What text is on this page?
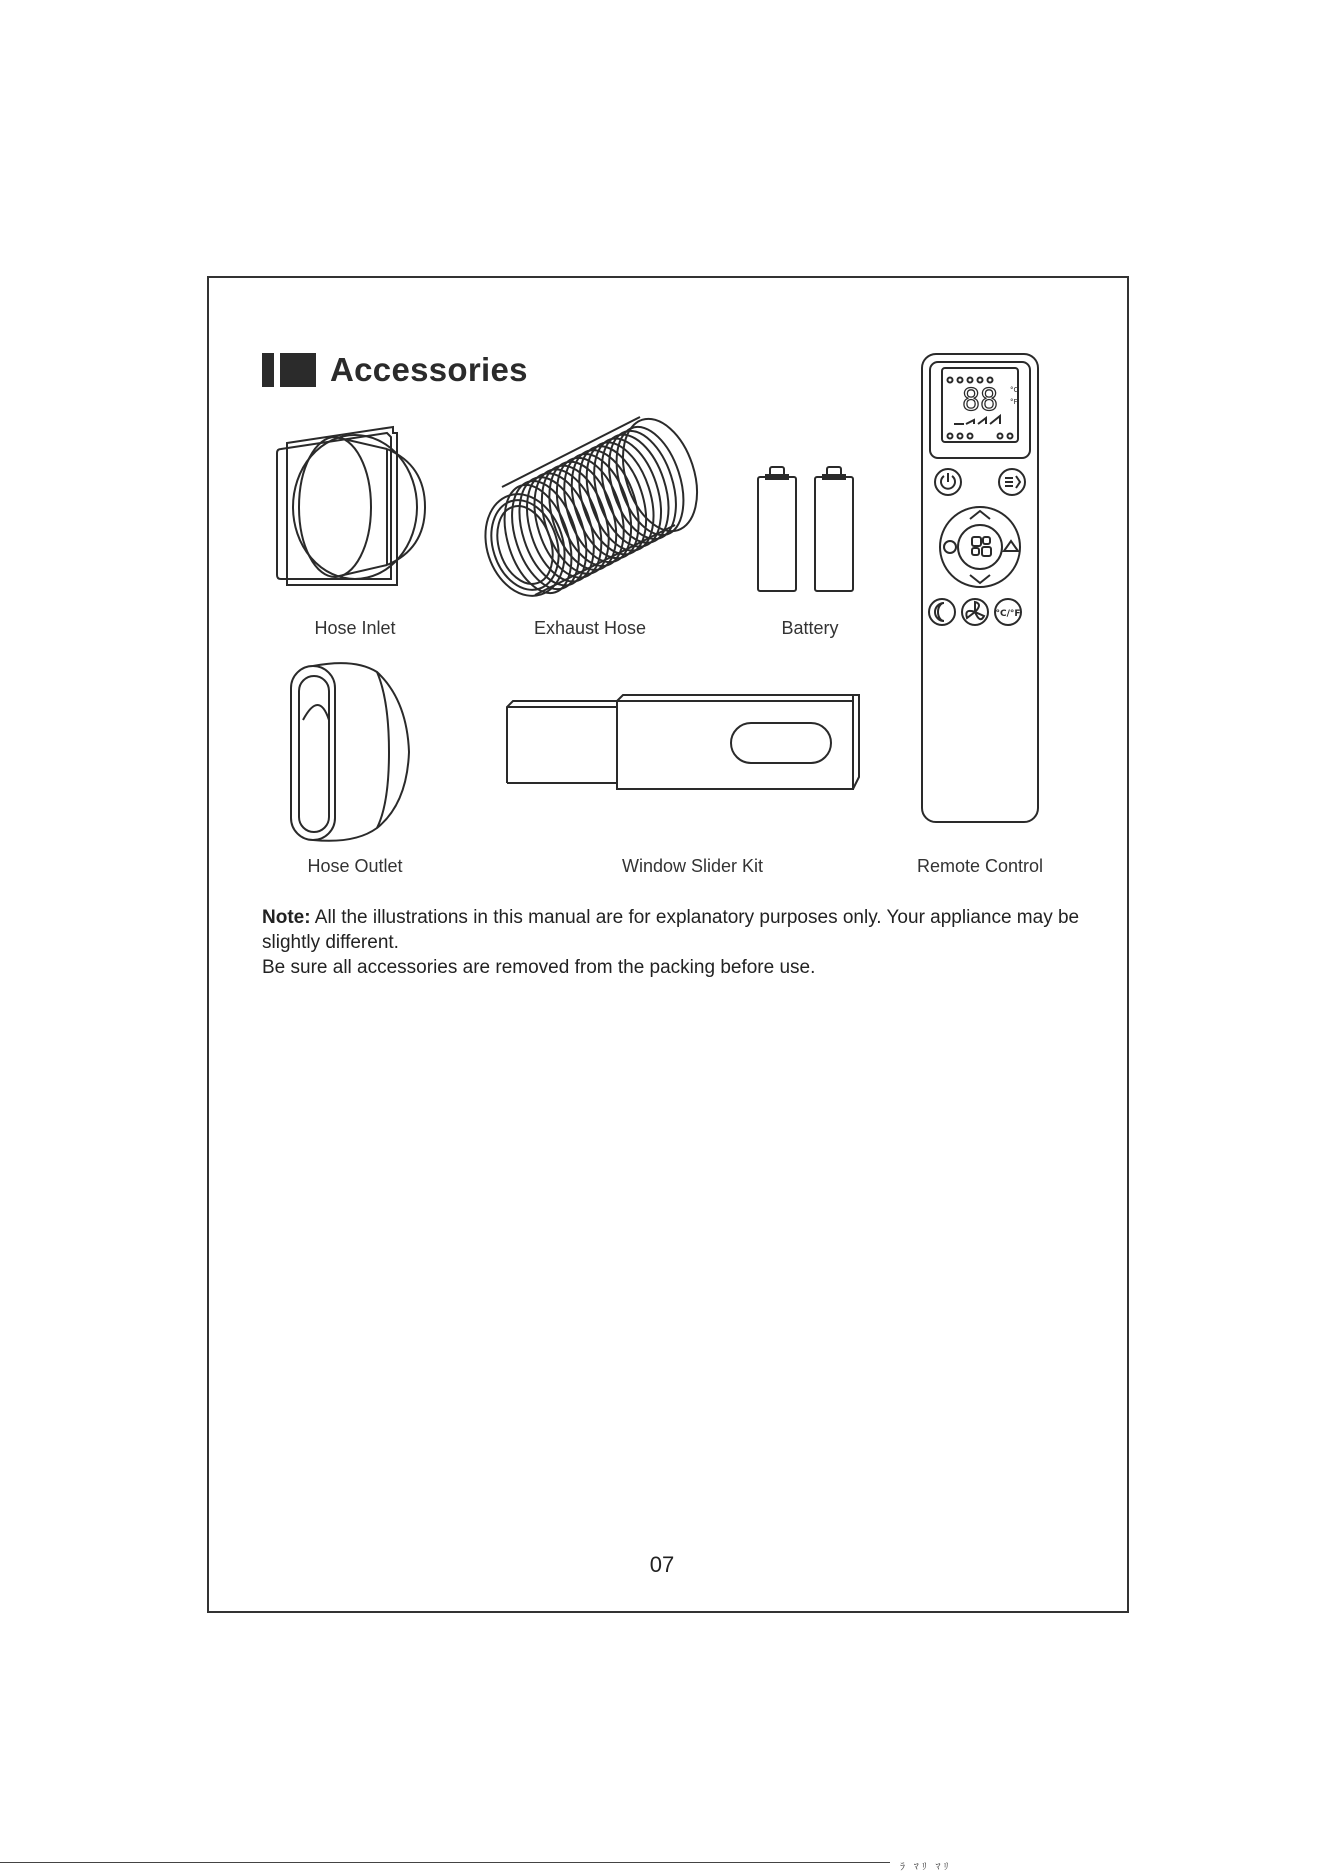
Accessories
Hose Inlet	Exhaust Hose	Battery
Hose Outlet	Window Slider Kit
88 °C
°F
°C/°F
Remote Control

Note: All the illustrations in this manual are for explanatory purposes only. Your appliance may be slightly different.

Be sure all accessories are removed from the packing before use.

07
ﾗ ﾏﾘ ﾏﾘ
